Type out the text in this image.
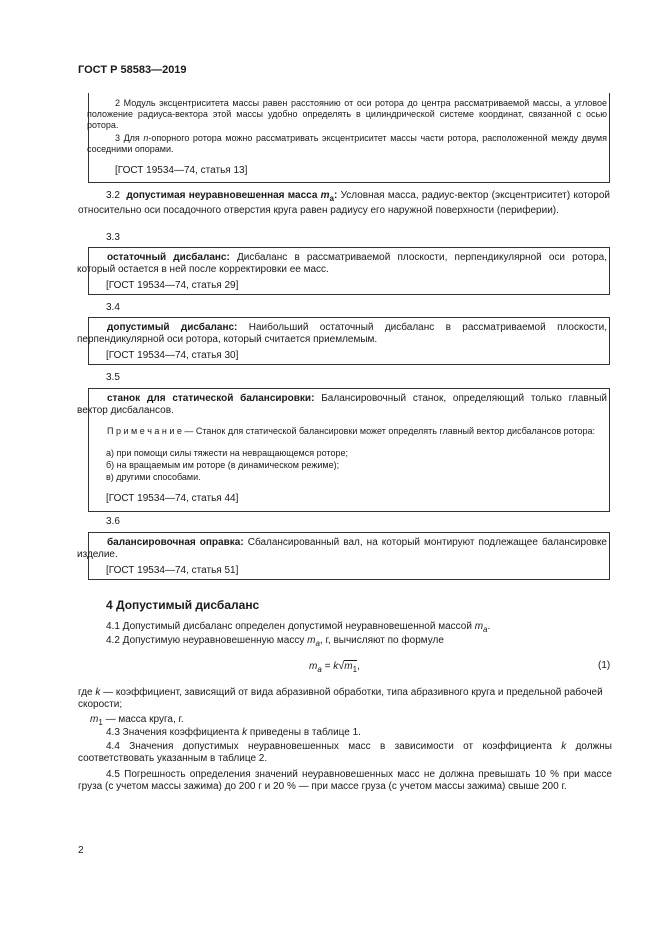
ГОСТ Р 58583—2019

2 Модуль эксцентриситета массы равен расстоянию от оси ротора до центра рассматриваемой массы, а угловое положение радиуса-вектора этой массы удобно определять в цилиндрической системе координат, связанной с осью ротора.

3 Для n-опорного ротора можно рассматривать эксцентриситет массы части ротора, расположенной между двумя соседними опорами.

[ГОСТ 19534—74, статья 13]

3.2 допустимая неуравновешенная масса $m_a$: Условная масса, радиус-вектор (эксцентриситет) которой относительно оси посадочного отверстия круга равен радиусу его наружной поверхности (периферии).

3.3

остаточный дисбаланс: Дисбаланс в рассматриваемой плоскости, перпендикулярной оси ротора, который остается в ней после корректировки ее масс.

[ГОСТ 19534—74, статья 29]

3.4

допустимый дисбаланс: Наибольший остаточный дисбаланс в рассматриваемой плоскости, перпендикулярной оси ротора, который считается приемлемым.

[ГОСТ 19534—74, статья 30]

3.5

станок для статической балансировки: Балансировочный станок, определяющий только главный вектор дисбалансов.

П р и м е ч а н и е — Станок для статической балансировки может определять главный вектор дисбалансов ротора:

а) при помощи силы тяжести на невращающемся роторе;

б) на вращаемым им роторе (в динамическом режиме);

в) другими способами.

[ГОСТ 19534—74, статья 44]

3.6

балансировочная оправка: Сбалансированный вал, на который монтируют подлежащее балансировке изделие.

[ГОСТ 19534—74, статья 51]

4 Допустимый дисбаланс

4.1 Допустимый дисбаланс определен допустимой неуравновешенной массой $m_a$.

4.2 Допустимую неуравновешенную массу $m_a$, г, вычисляют по формуле

$m_a = k√m_1$,	(1)

где k — коэффициент, зависящий от вида абразивной обработки, типа абразивного круга и предельной рабочей скорости;

$m_1$ — масса круга, г.

4.3 Значения коэффициента k приведены в таблице 1.

4.4 Значения допустимых неуравновешенных масс в зависимости от коэффициента k должны соответствовать указанным в таблице 2.

4.5 Погрешность определения значений неуравновешенных масс не должна превышать 10 % при массе груза (с учетом массы зажима) до 200 г и 20 % — при массе груза (с учетом массы зажима) свыше 200 г.

2
